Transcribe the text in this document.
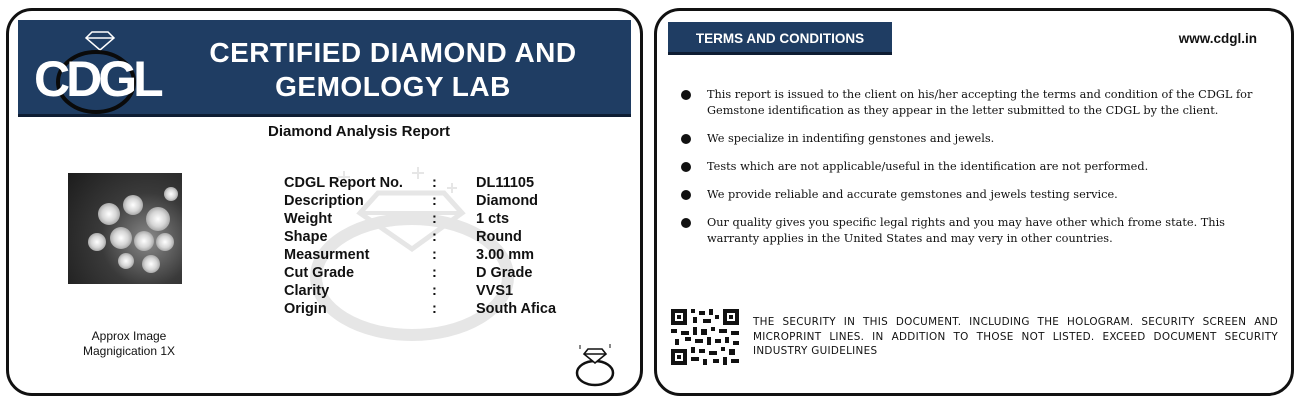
CDGL	CERTIFIED DIAMOND AND GEMOLOGY LAB
Diamond Analysis Report
Approx Image
Magnigication 1X
CDGL Report No. :	DL11105
Description	:	Diamond
Weight	:	1 cts
Shape	:	Round
Measurment	:	3.00 mm
Cut Grade	:	D Grade
Clarity	:	VVS1
Origin	:	South Afica
TERMS AND CONDITIONS	www.cdgl.in
This report is issued to the client on his/her accepting the terms and condition of the CDGL for Gemstone identification as they appear in the letter submitted to the CDGL by the client.
We specialize in indentifing genstones and jewels.
Tests which are not applicable/useful in the identification are not performed.
We provide reliable and accurate gemstones and jewels testing service.
Our quality gives you specific legal rights and you may have other which frome state. This warranty applies in the United States and may very in other countries.
THE SECURITY IN THIS DOCUMENT. INCLUDING THE HOLOGRAM. SECURITY SCREEN AND MICROPRINT LINES. IN ADDITION TO THOSE NOT LISTED. EXCEED DOCUMENT SECURITY INDUSTRY GUIDELINES
